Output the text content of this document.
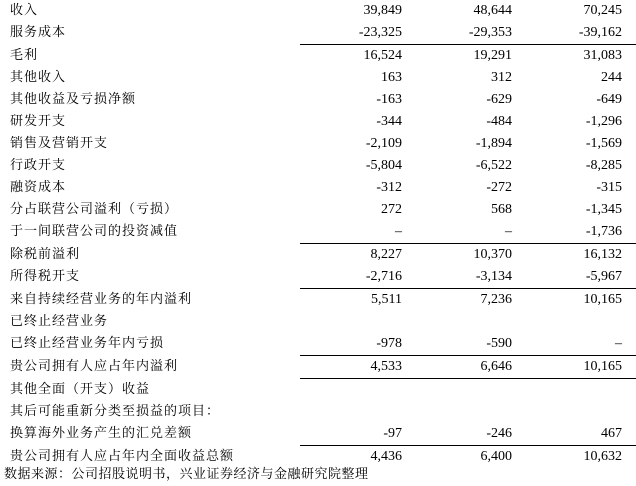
收入	39,849	48,644	70,245
服务成本	-23,325	-29,353	-39,162
毛利	16,524	19,291	31,083
其他收入	163	312	244
其他收益及亏损净额	-163	-629	-649
研发开支	-344	-484	-1,296
销售及营销开支	-2,109	-1,894	-1,569
行政开支	-5,804	-6,522	-8,285
融资成本	-312	-272	-315
分占联营公司溢利（亏损）	272	568	-1,345
于一间联营公司的投资减值	–	–	-1,736
除税前溢利	8,227	10,370	16,132
所得税开支	-2,716	-3,134	-5,967
来自持续经营业务的年内溢利	5,511	7,236	10,165
已终止经营业务			
已终止经营业务年内亏损	-978	-590	–
贵公司拥有人应占年内溢利	4,533	6,646	10,165
其他全面（开支）收益			
其后可能重新分类至损益的项目：			
换算海外业务产生的汇兑差额	-97	-246	467
贵公司拥有人应占年内全面收益总额	4,436	6,400	10,632
数据来源：公司招股说明书，兴业证券经济与金融研究院整理
